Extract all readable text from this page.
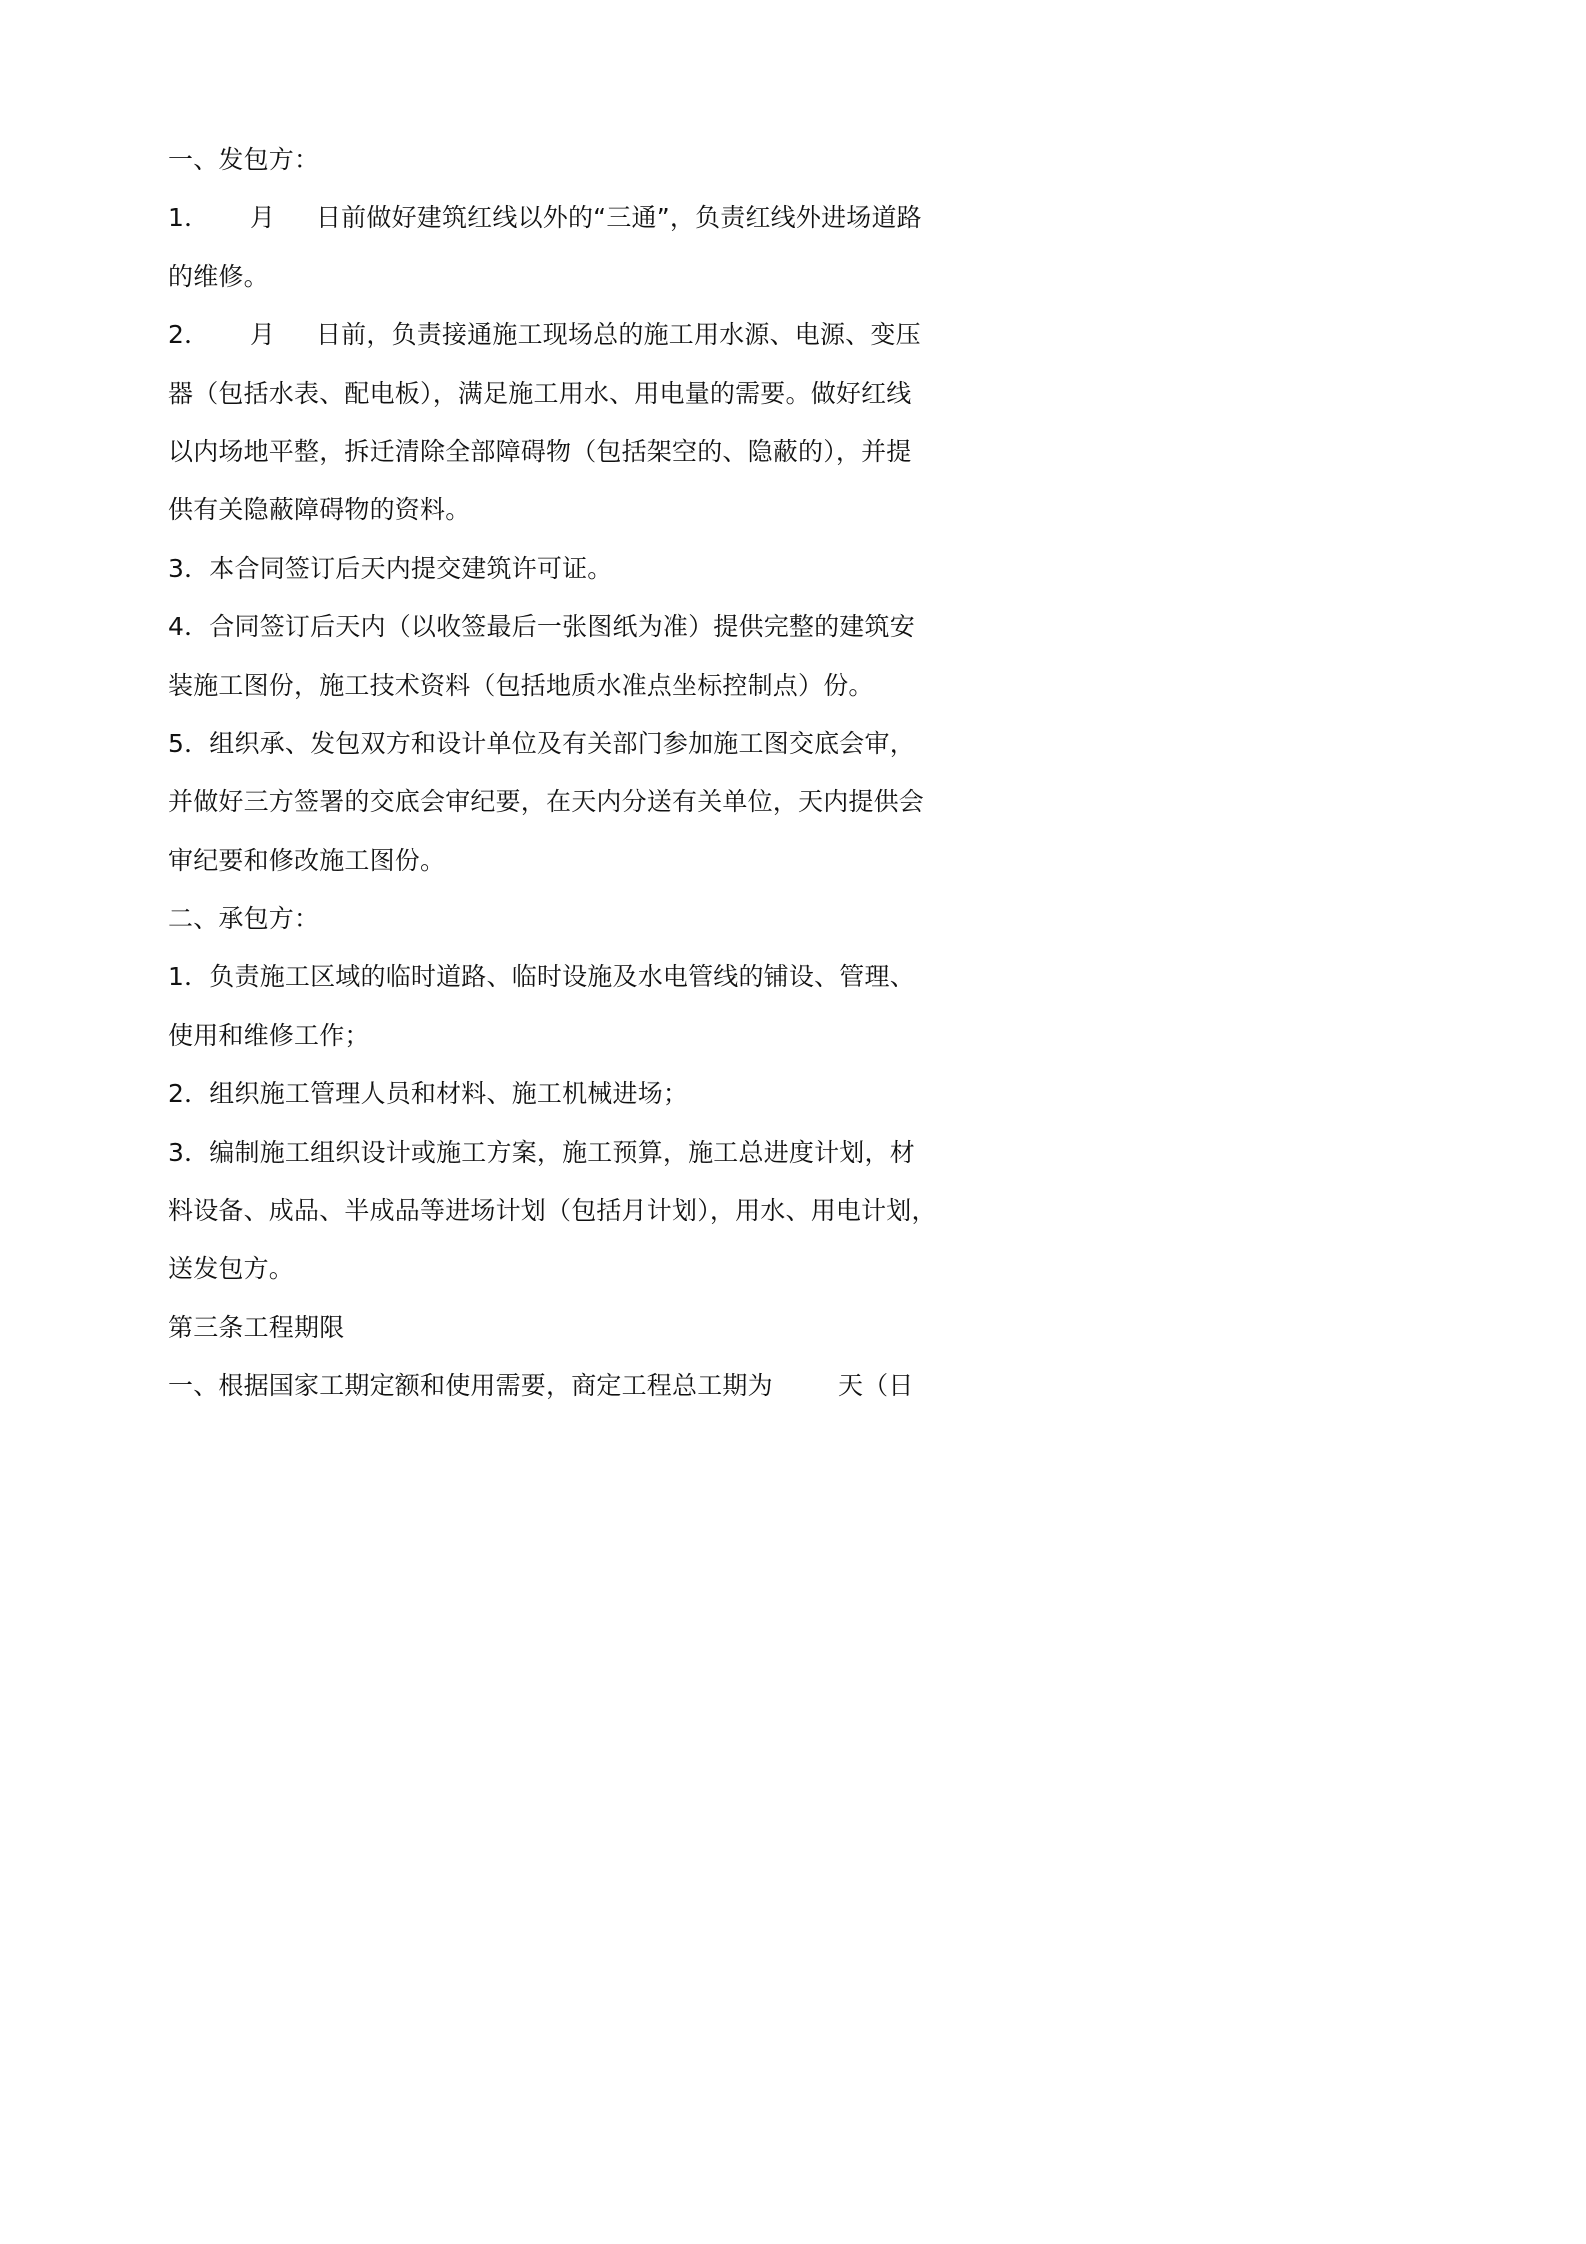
一、发包方：

1．     月     日前做好建筑红线以外的“三通”，负责红线外进场道路

的维修。

2．     月     日前，负责接通施工现场总的施工用水源、电源、变压

器（包括水表、配电板），满足施工用水、用电量的需要。做好红线

以内场地平整，拆迁清除全部障碍物（包括架空的、隐蔽的），并提

供有关隐蔽障碍物的资料。

3．本合同签订后天内提交建筑许可证。

4．合同签订后天内（以收签最后一张图纸为准）提供完整的建筑安

装施工图份，施工技术资料（包括地质水准点坐标控制点）份。

5．组织承、发包双方和设计单位及有关部门参加施工图交底会审，

并做好三方签署的交底会审纪要，在天内分送有关单位，天内提供会

审纪要和修改施工图份。

二、承包方：

1．负责施工区域的临时道路、临时设施及水电管线的铺设、管理、

使用和维修工作；

2．组织施工管理人员和材料、施工机械进场；

3．编制施工组织设计或施工方案，施工预算，施工总进度计划，材

料设备、成品、半成品等进场计划（包括月计划），用水、用电计划，

送发包方。

第三条工程期限

一、根据国家工期定额和使用需要，商定工程总工期为        天（日
